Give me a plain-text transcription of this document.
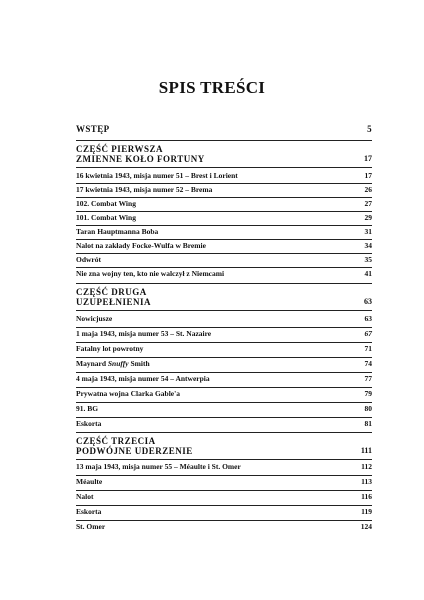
SPIS TREŚCI
WSTĘP	5
CZĘŚĆ PIERWSZA
ZMIENNE KOŁO FORTUNY	17
16 kwietnia 1943, misja numer 51 – Brest i Lorient	17
17 kwietnia 1943, misja numer 52 – Brema	26
102. Combat Wing	27
101. Combat Wing	29
Taran Hauptmanna Boba	31
Nalot na zakłady Focke-Wulfa w Bremie	34
Odwrót	35
Nie zna wojny ten, kto nie walczył z Niemcami	41
CZĘŚĆ DRUGA
UZUPEŁNIENIA	63
Nowicjusze	63
1 maja 1943, misja numer 53 – St. Nazaire	67
Fatalny lot powrotny	71
Maynard Snuffy Smith	74
4 maja 1943, misja numer 54 – Antwerpia	77
Prywatna wojna Clarka Gable'a	79
91. BG	80
Eskorta	81
CZĘŚĆ TRZECIA
PODWÓJNE UDERZENIE	111
13 maja 1943, misja numer 55 – Méaulte i St. Omer	112
Méaulte	113
Nalot	116
Eskorta	119
St. Omer	124
